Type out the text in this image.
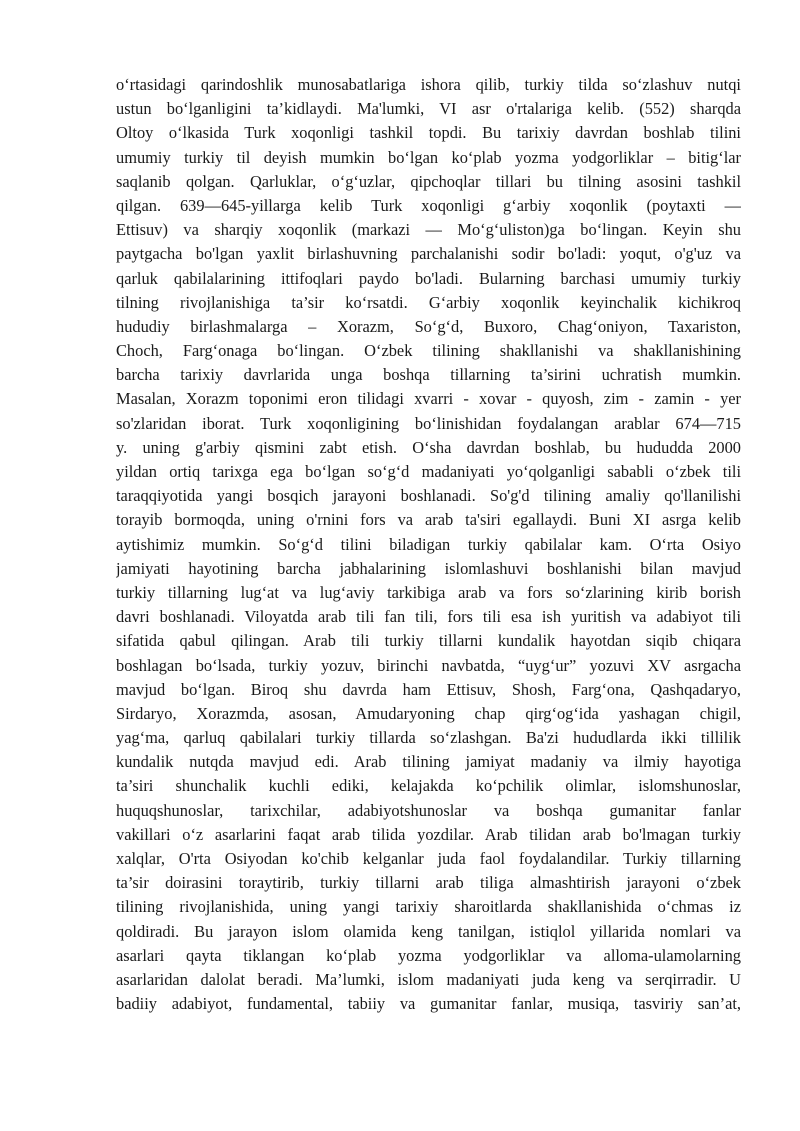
o‘rtasidagi qarindoshlik munosabatlariga ishora qilib, turkiy tilda so‘zlashuv nutqi
ustun bo‘lganligini ta’kidlaydi. Ma'lumki, VI asr o'rtalariga kelib. (552) sharqda
Oltoy o‘lkasida Turk xoqonligi tashkil topdi. Bu tarixiy davrdan boshlab tilini
umumiy turkiy til deyish mumkin bo‘lgan ko‘plab yozma yodgorliklar – bitig‘lar
saqlanib qolgan. Qarluklar, o‘g‘uzlar, qipchoqlar tillari bu tilning asosini tashkil
qilgan. 639—645-yillarga kelib Turk xoqonligi g‘arbiy xoqonlik (poytaxti —
Ettisuv) va sharqiy xoqonlik (markazi — Mo‘g‘uliston)ga bo‘lingan. Keyin shu
paytgacha bo'lgan yaxlit birlashuvning parchalanishi sodir bo'ladi: yoqut, o'g'uz va
qarluk qabilalarining ittifoqlari paydo bo'ladi. Bularning barchasi umumiy turkiy
tilning rivojlanishiga ta’sir ko‘rsatdi. G‘arbiy xoqonlik keyinchalik kichikroq
hududiy birlashmalarga – Xorazm, So‘g‘d, Buxoro, Chag‘oniyon, Taxariston,
Choch, Farg‘onaga bo‘lingan. O‘zbek tilining shakllanishi va shakllanishining
barcha tarixiy davrlarida unga boshqa tillarning ta’sirini uchratish mumkin.
Masalan, Xorazm toponimi eron tilidagi xvarri - xovar - quyosh, zim - zamin - yer
so'zlaridan iborat. Turk xoqonligining bo‘linishidan foydalangan arablar 674—715
y. uning g'arbiy qismini zabt etish. O‘sha davrdan boshlab, bu hududda 2000
yildan ortiq tarixga ega bo‘lgan so‘g‘d madaniyati yo‘qolganligi sababli o‘zbek tili
taraqqiyotida yangi bosqich jarayoni boshlanadi. So'g'd tilining amaliy qo'llanilishi
torayib bormoqda, uning o'rnini fors va arab ta'siri egallaydi. Buni XI asrga kelib
aytishimiz mumkin. So‘g‘d tilini biladigan turkiy qabilalar kam. O‘rta Osiyo
jamiyati hayotining barcha jabhalarining islomlashuvi boshlanishi bilan mavjud
turkiy tillarning lug‘at va lug‘aviy tarkibiga arab va fors so‘zlarining kirib borish
davri boshlanadi. Viloyatda arab tili fan tili, fors tili esa ish yuritish va adabiyot tili
sifatida qabul qilingan. Arab tili turkiy tillarni kundalik hayotdan siqib chiqara
boshlagan bo‘lsada, turkiy yozuv, birinchi navbatda, “uyg‘ur” yozuvi XV asrgacha
mavjud bo‘lgan. Biroq shu davrda ham Ettisuv, Shosh, Farg‘ona, Qashqadaryo,
Sirdaryo, Xorazmda, asosan, Amudaryoning chap qirg‘og‘ida yashagan chigil,
yag‘ma, qarluq qabilalari turkiy tillarda so‘zlashgan. Ba'zi hududlarda ikki tillilik
kundalik nutqda mavjud edi. Arab tilining jamiyat madaniy va ilmiy hayotiga
ta’siri shunchalik kuchli ediki, kelajakda ko‘pchilik olimlar, islomshunoslar,
huquqshunoslar, tarixchilar, adabiyotshunoslar va boshqa gumanitar fanlar
vakillari o‘z asarlarini faqat arab tilida yozdilar. Arab tilidan arab bo'lmagan turkiy
xalqlar, O'rta Osiyodan ko'chib kelganlar juda faol foydalandilar. Turkiy tillarning
ta’sir doirasini toraytirib, turkiy tillarni arab tiliga almashtirish jarayoni o‘zbek
tilining rivojlanishida, uning yangi tarixiy sharoitlarda shakllanishida o‘chmas iz
qoldiradi. Bu jarayon islom olamida keng tanilgan, istiqlol yillarida nomlari va
asarlari qayta tiklangan ko‘plab yozma yodgorliklar va alloma-ulamolarning
asarlaridan dalolat beradi. Ma’lumki, islom madaniyati juda keng va serqirradir. U
badiiy adabiyot, fundamental, tabiiy va gumanitar fanlar, musiqa, tasviriy san’at,
